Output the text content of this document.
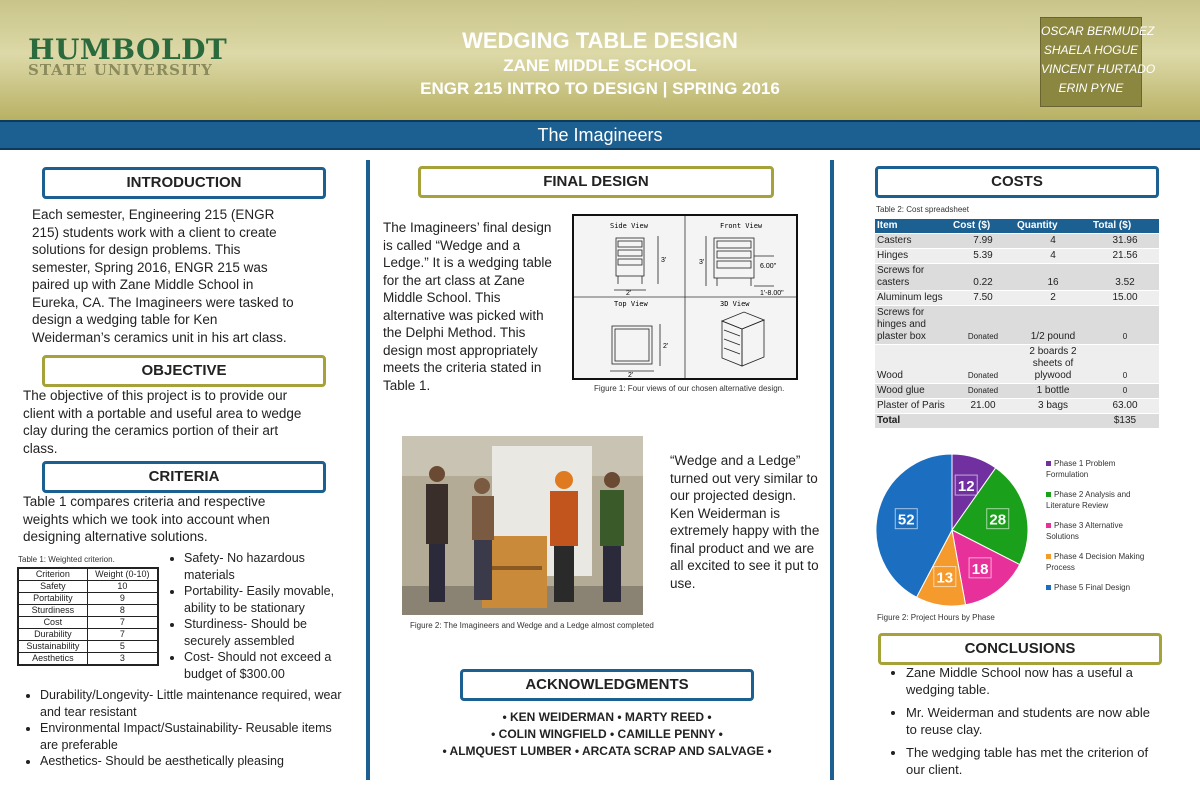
HUMBOLDT
STATE UNIVERSITY
WEDGING TABLE DESIGN
ZANE MIDDLE SCHOOL
ENGR 215 INTRO TO DESIGN | SPRING 2016
OSCAR BERMUDEZ
SHAELA HOGUE
VINCENT HURTADO
ERIN PYNE
The Imagineers
INTRODUCTION
Each semester, Engineering 215 (ENGR 215) students work with a client to create solutions for design problems. This semester, Spring 2016, ENGR 215 was paired up with Zane Middle School in Eureka, CA. The Imagineers were tasked to design a wedging table for Ken Weiderman’s ceramics unit in his art class.
OBJECTIVE
The objective of this project is to provide our client with a portable and useful area to wedge clay during the ceramics portion of their art class.
CRITERIA
Table 1 compares criteria and respective weights which we took into account when designing alternative solutions.
Table 1: Weighted criterion.
Criterion	Weight (0-10)
Safety	10
Portability	9
Sturdiness	8
Cost	7
Durability	7
Sustainability	5
Aesthetics	3
• Safety- No hazardous materials
• Portability- Easily movable, ability to be stationary
• Sturdiness- Should be securely assembled
• Cost- Should not exceed a budget of $300.00
• Durability/Longevity- Little maintenance required, wear and tear resistant
• Environmental Impact/Sustainability- Reusable items are preferable
• Aesthetics- Should be aesthetically pleasing
FINAL DESIGN
The Imagineers’ final design is called “Wedge and a Ledge.” It is a wedging table for the art class at Zane Middle School. This alternative was picked with the Delphi Method. This design most appropriately meets the criteria stated in Table 1.
Side View	Front View
Top View	3D View
3'
2'
3'
6.00"
1'-8.00"
2'
2'
Figure 1: Four views of our chosen alternative design.
Figure 2: The Imagineers and Wedge and a Ledge almost completed
“Wedge and a Ledge” turned out very similar to our projected design. Ken Weiderman is extremely happy with the final product and we are all excited to see it put to use.
ACKNOWLEDGMENTS
• KEN WEIDERMAN • MARTY REED •
• COLIN WINGFIELD • CAMILLE PENNY •
• ALMQUEST LUMBER • ARCATA SCRAP AND SALVAGE •
COSTS
Table 2: Cost spreadsheet
Item	Cost ($)	Quantity	Total ($)
Casters	7.99	4	31.96
Hinges	5.39	4	21.56
Screws for casters	0.22	16	3.52
Aluminum legs	7.50	2	15.00
Screws for hinges and plaster box	Donated	1/2 pound	0
Wood	Donated	2 boards 2 sheets of plywood	0
Wood glue	Donated	1 bottle	0
Plaster of Paris	21.00	3 bags	63.00
Total			$135
12
28
18
13
52
Phase 1 Problem Formulation
Phase 2 Analysis and Literature Review
Phase 3 Alternative Solutions
Phase 4 Decision Making Process
Phase 5 Final Design
Figure 2: Project Hours by Phase
CONCLUSIONS
• Zane Middle School now has a useful a wedging table.
• Mr. Weiderman and students are now able to reuse clay.
• The wedging table has met the criterion of our client.
